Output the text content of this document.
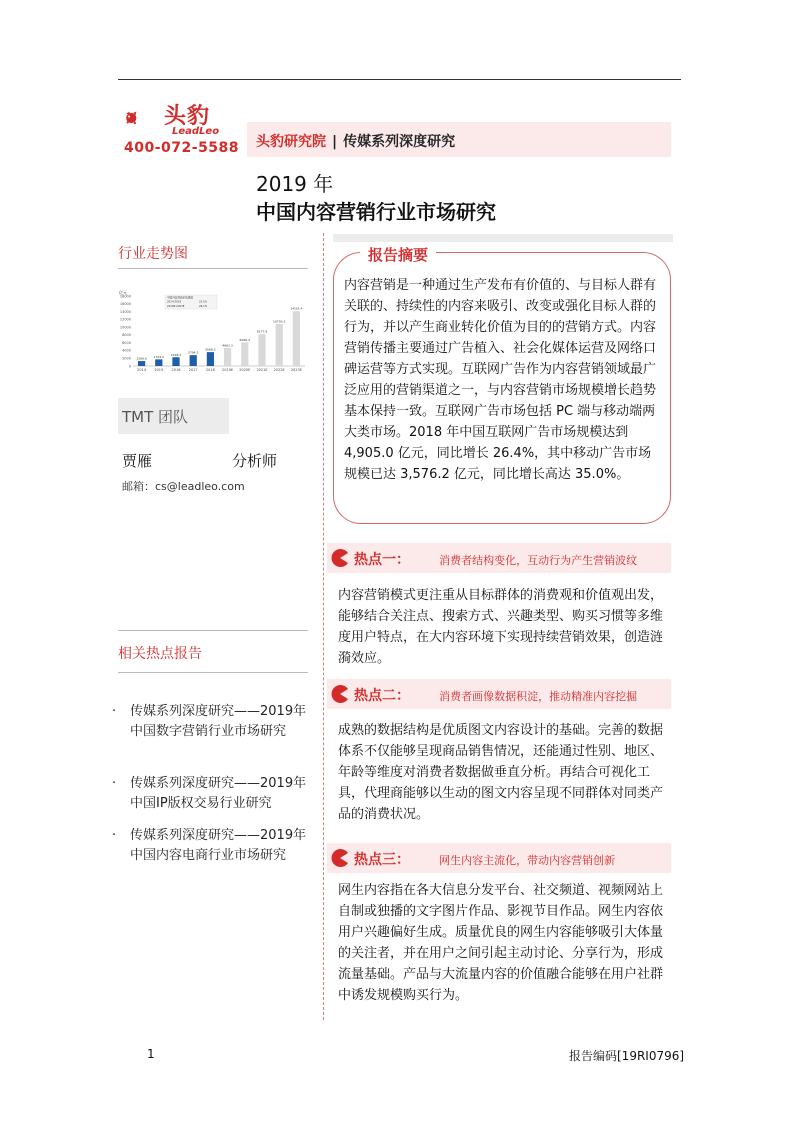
头豹
LeadLeo
400-072-5588 头豹研究院 | 传媒系列深度研究
2019 年
中国内容营销行业市场研究
行业走势图
亿元
18000
16000
14000
12000
10000
8000
6000
4000
2000
0
1266.6 1704.2
2248.2
2794.2
3568.2
4662.3
6096.2
8177.8
10793.3
14101.4
2014 2015 2016 2017 2018 2019E 2020E 2021E 2022E 2023E
中国内容营销市场规模
2014-2018	23.5%
2019E-2023E	26.1%
TMT 团队
贾雁	分析师
邮箱：cs@leadleo.com
相关热点报告
· 传媒系列深度研究——2019年中国数字营销行业市场研究
· 传媒系列深度研究——2019年中国IP版权交易行业研究
· 传媒系列深度研究——2019年中国内容电商行业市场研究
报告摘要
内容营销是一种通过生产发布有价值的、与目标人群有关联的、持续性的内容来吸引、改变或强化目标人群的行为，并以产生商业转化价值为目的的营销方式。内容营销传播主要通过广告植入、社会化媒体运营及网络口碑运营等方式实现。互联网广告作为内容营销领域最广泛应用的营销渠道之一，与内容营销市场规模增长趋势基本保持一致。互联网广告市场包括 PC 端与移动端两大类市场。2018 年中国互联网广告市场规模达到 4,905.0 亿元，同比增长 26.4%，其中移动广告市场规模已达 3,576.2 亿元，同比增长高达 35.0%。
热点一：	消费者结构变化，互动行为产生营销波纹
内容营销模式更注重从目标群体的消费观和价值观出发，能够结合关注点、搜索方式、兴趣类型、购买习惯等多维度用户特点，在大内容环境下实现持续营销效果，创造涟漪效应。
热点二：	消费者画像数据积淀，推动精准内容挖掘
成熟的数据结构是优质图文内容设计的基础。完善的数据体系不仅能够呈现商品销售情况，还能通过性别、地区、年龄等维度对消费者数据做垂直分析。再结合可视化工具，代理商能够以生动的图文内容呈现不同群体对同类产品的消费状况。
热点三：	网生内容主流化，带动内容营销创新
网生内容指在各大信息分发平台、社交频道、视频网站上自制或独播的文字图片作品、影视节目作品。网生内容依用户兴趣偏好生成。质量优良的网生内容能够吸引大体量的关注者，并在用户之间引起主动讨论、分享行为，形成流量基础。产品与大流量内容的价值融合能够在用户社群中诱发规模购买行为。
1	报告编码[19RI0796]
